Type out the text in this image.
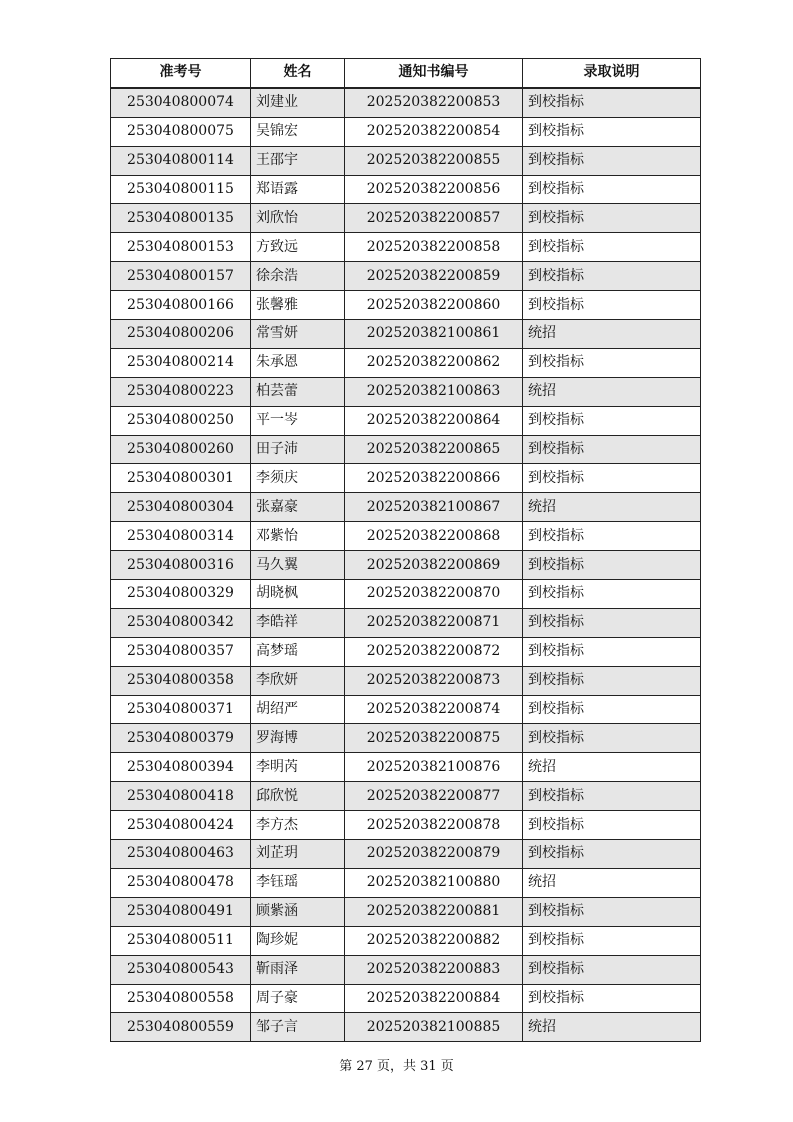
准考号	姓名	通知书编号	录取说明
253040800074	刘建业	202520382200853	到校指标
253040800075	吴锦宏	202520382200854	到校指标
253040800114	王邵宇	202520382200855	到校指标
253040800115	郑语露	202520382200856	到校指标
253040800135	刘欣怡	202520382200857	到校指标
253040800153	方致远	202520382200858	到校指标
253040800157	徐余浩	202520382200859	到校指标
253040800166	张馨雅	202520382200860	到校指标
253040800206	常雪妍	202520382100861	统招
253040800214	朱承恩	202520382200862	到校指标
253040800223	柏芸蕾	202520382100863	统招
253040800250	平一岑	202520382200864	到校指标
253040800260	田子沛	202520382200865	到校指标
253040800301	李须庆	202520382200866	到校指标
253040800304	张嘉豪	202520382100867	统招
253040800314	邓紫怡	202520382200868	到校指标
253040800316	马久翼	202520382200869	到校指标
253040800329	胡晓枫	202520382200870	到校指标
253040800342	李皓祥	202520382200871	到校指标
253040800357	高梦瑶	202520382200872	到校指标
253040800358	李欣妍	202520382200873	到校指标
253040800371	胡绍严	202520382200874	到校指标
253040800379	罗海博	202520382200875	到校指标
253040800394	李明芮	202520382100876	统招
253040800418	邱欣悦	202520382200877	到校指标
253040800424	李方杰	202520382200878	到校指标
253040800463	刘芷玥	202520382200879	到校指标
253040800478	李钰瑶	202520382100880	统招
253040800491	顾紫涵	202520382200881	到校指标
253040800511	陶珍妮	202520382200882	到校指标
253040800543	靳雨泽	202520382200883	到校指标
253040800558	周子豪	202520382200884	到校指标
253040800559	邹子言	202520382100885	统招
第 27 页，共 31 页
